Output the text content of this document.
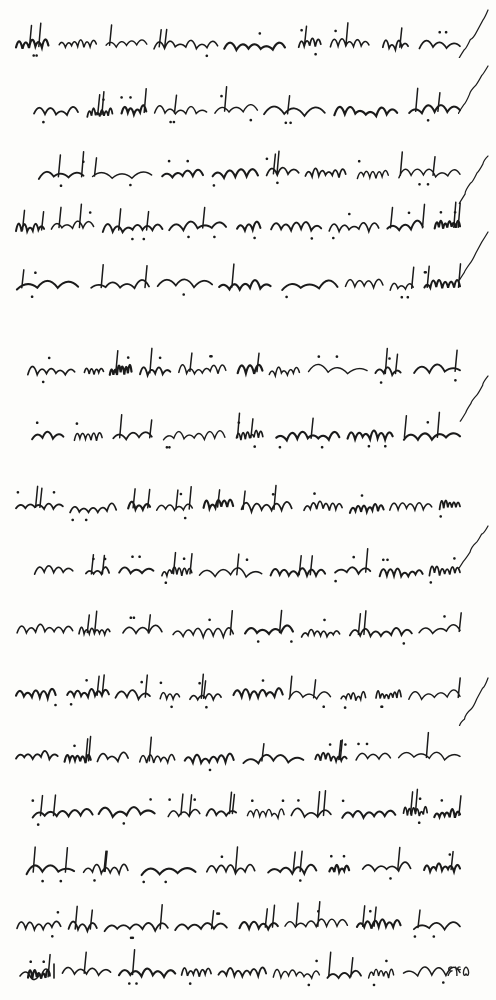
۶۴۵
